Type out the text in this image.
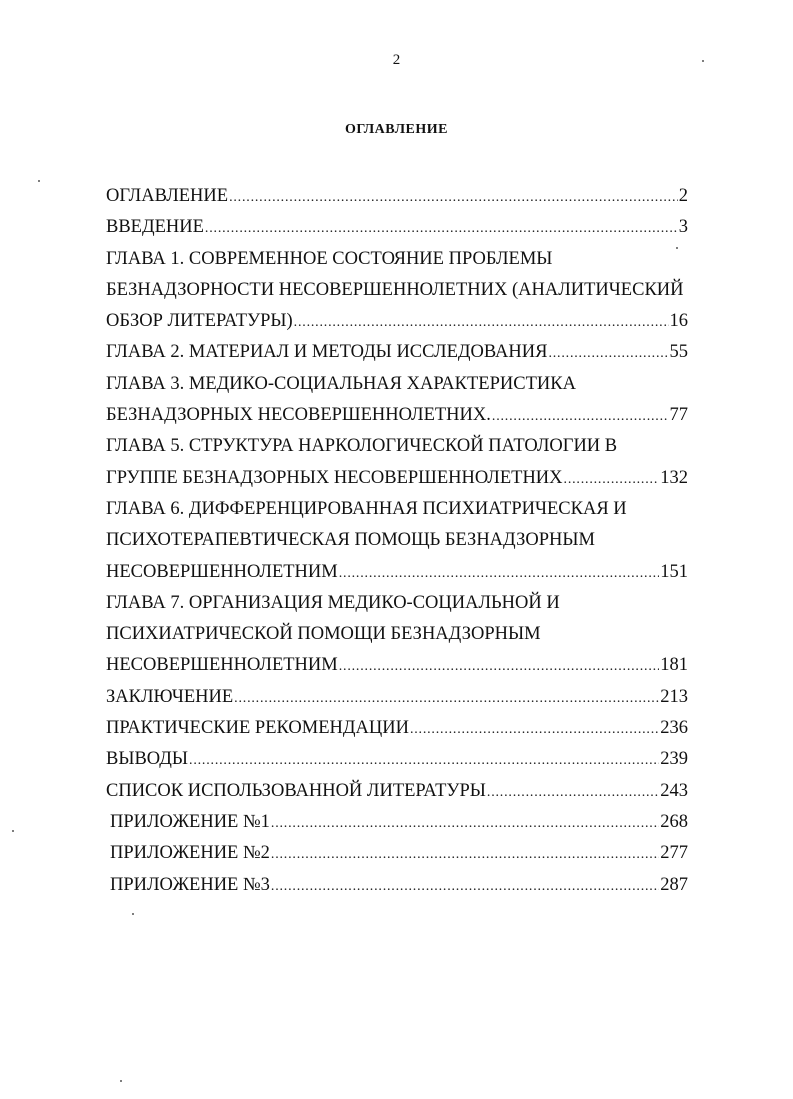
2
ОГЛАВЛЕНИЕ
ОГЛАВЛЕНИЕ .....	2
ВВЕДЕНИЕ .....	3
ГЛАВА 1. СОВРЕМЕННОЕ СОСТОЯНИЕ ПРОБЛЕМЫ
БЕЗНАДЗОРНОСТИ НЕСОВЕРШЕННОЛЕТНИХ (АНАЛИТИЧЕСКИЙ
ОБЗОР ЛИТЕРАТУРЫ) .....	16
ГЛАВА 2. МАТЕРИАЛ И МЕТОДЫ ИССЛЕДОВАНИЯ .....	55
ГЛАВА 3. МЕДИКО-СОЦИАЛЬНАЯ ХАРАКТЕРИСТИКА
БЕЗНАДЗОРНЫХ НЕСОВЕРШЕННОЛЕТНИХ. .....	77
ГЛАВА 5. СТРУКТУРА НАРКОЛОГИЧЕСКОЙ ПАТОЛОГИИ В
ГРУППЕ БЕЗНАДЗОРНЫХ НЕСОВЕРШЕННОЛЕТНИХ .....	132
ГЛАВА 6. ДИФФЕРЕНЦИРОВАННАЯ ПСИХИАТРИЧЕСКАЯ И
ПСИХОТЕРАПЕВТИЧЕСКАЯ ПОМОЩЬ БЕЗНАДЗОРНЫМ
НЕСОВЕРШЕННОЛЕТНИМ .....	151
ГЛАВА 7. ОРГАНИЗАЦИЯ МЕДИКО-СОЦИАЛЬНОЙ И
ПСИХИАТРИЧЕСКОЙ ПОМОЩИ БЕЗНАДЗОРНЫМ
НЕСОВЕРШЕННОЛЕТНИМ .....	181
ЗАКЛЮЧЕНИЕ .....	213
ПРАКТИЧЕСКИЕ РЕКОМЕНДАЦИИ .....	236
ВЫВОДЫ .....	239
СПИСОК ИСПОЛЬЗОВАННОЙ ЛИТЕРАТУРЫ .....	243
ПРИЛОЖЕНИЕ №1 .....	268
ПРИЛОЖЕНИЕ №2 .....	277
ПРИЛОЖЕНИЕ №3 .....	287
